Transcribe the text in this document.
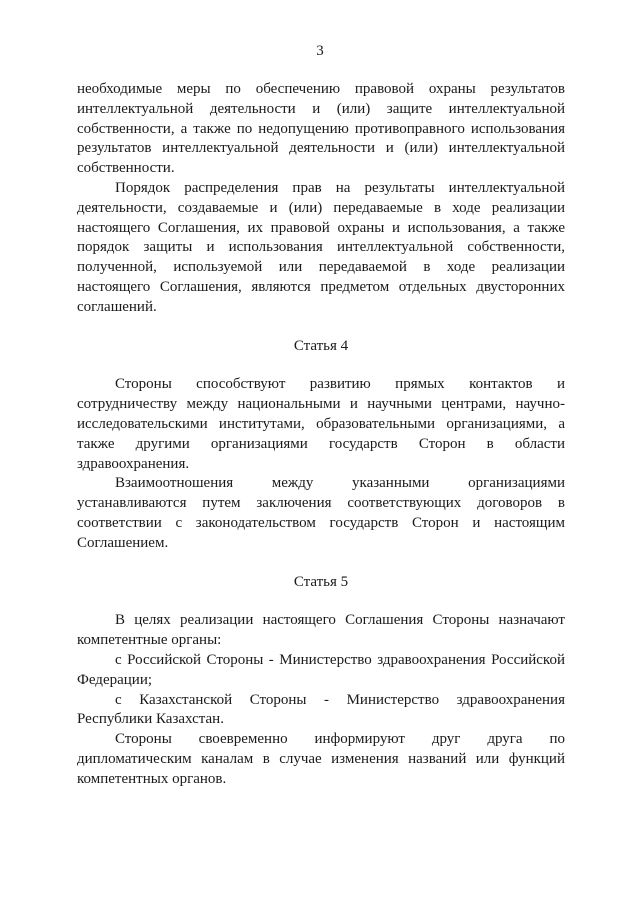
3

необходимые меры по обеспечению правовой охраны результатов интеллектуальной деятельности и (или) защите интеллектуальной собственности, а также по недопущению противоправного использования результатов интеллектуальной деятельности и (или) интеллектуальной собственности.

Порядок распределения прав на результаты интеллектуальной деятельности, создаваемые и (или) передаваемые в ходе реализации настоящего Соглашения, их правовой охраны и использования, а также порядок защиты и использования интеллектуальной собственности, полученной, используемой или передаваемой в ходе реализации настоящего Соглашения, являются предметом отдельных двусторонних соглашений.

Статья 4

Стороны способствуют развитию прямых контактов и сотрудничеству между национальными и научными центрами, научно-исследовательскими институтами, образовательными организациями, а также другими организациями государств Сторон в области здравоохранения.

Взаимоотношения между указанными организациями устанавливаются путем заключения соответствующих договоров в соответствии с законодательством государств Сторон и настоящим Соглашением.

Статья 5

В целях реализации настоящего Соглашения Стороны назначают компетентные органы:

с Российской Стороны - Министерство здравоохранения Российской Федерации;

с Казахстанской Стороны - Министерство здравоохранения Республики Казахстан.

Стороны своевременно информируют друг друга по дипломатическим каналам в случае изменения названий или функций компетентных органов.
